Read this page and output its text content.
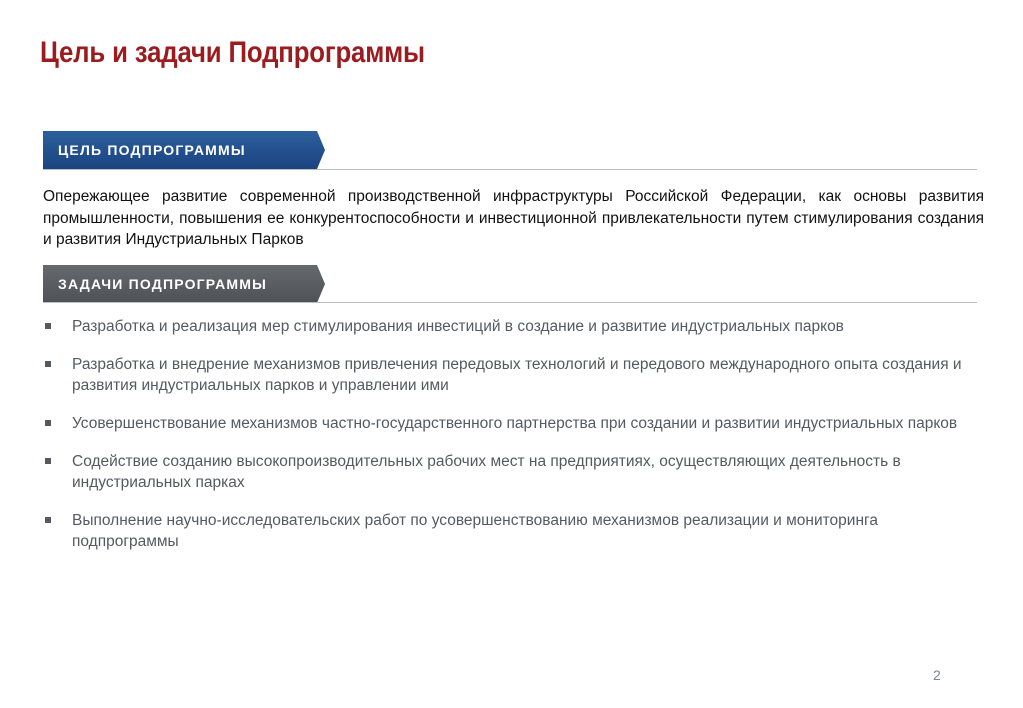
Цель и задачи Подпрограммы
ЦЕЛЬ ПОДПРОГРАММЫ

Опережающее развитие современной производственной инфраструктуры Российской Федерации, как основы развития промышленности, повышения ее конкурентоспособности и инвестиционной привлекательности путем стимулирования создания и развития Индустриальных Парков

ЗАДАЧИ ПОДПРОГРАММЫ
Разработка и реализация мер стимулирования инвестиций в создание и развитие индустриальных парков
Разработка и внедрение механизмов привлечения передовых технологий и передового международного опыта создания и развития индустриальных парков и управлении ими
Усовершенствование механизмов частно-государственного партнерства при создании и развитии индустриальных парков
Содействие созданию высокопроизводительных рабочих мест на предприятиях, осуществляющих деятельность в индустриальных парках
Выполнение научно-исследовательских работ по усовершенствованию механизмов реализации и мониторинга подпрограммы
2
